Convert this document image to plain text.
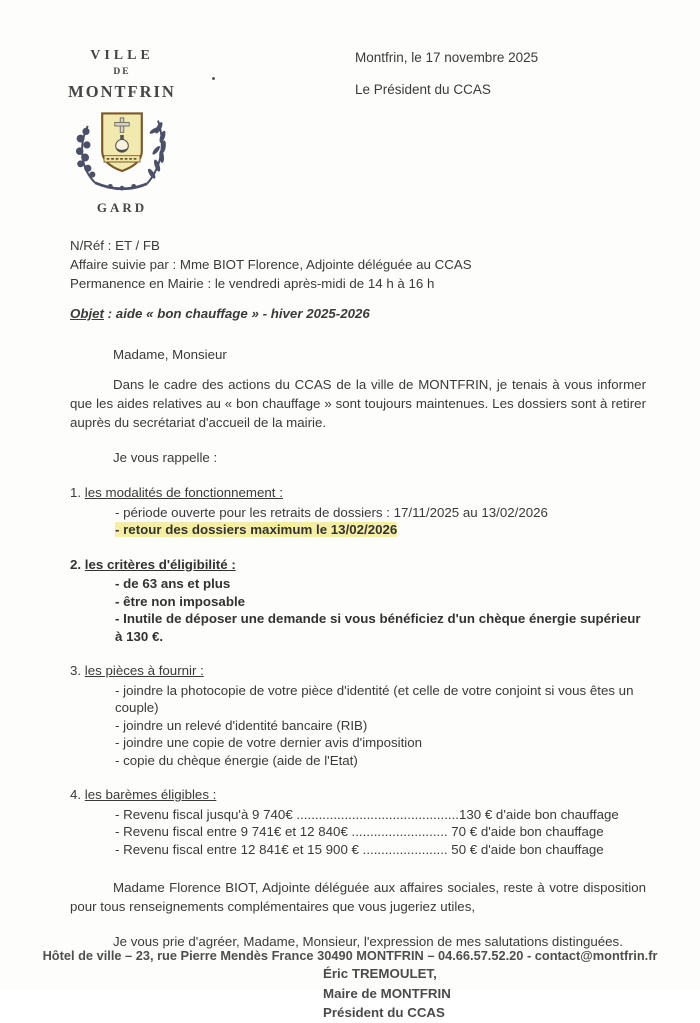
VILLE
DE
MONTFRIN
GARD
Montfrin, le 17 novembre 2025
Le Président du CCAS
N/Réf : ET / FB
Affaire suivie par : Mme BIOT Florence, Adjointe déléguée au CCAS
Permanence en Mairie : le vendredi après-midi de 14 h à 16 h
Objet : aide « bon chauffage » - hiver 2025-2026
Madame, Monsieur
Dans le cadre des actions du CCAS de la ville de MONTFRIN, je tenais à vous informer que les aides relatives au « bon chauffage » sont toujours maintenues. Les dossiers sont à retirer auprès du secrétariat d'accueil de la mairie.
Je vous rappelle :
1. les modalités de fonctionnement :
- période ouverte pour les retraits de dossiers : 17/11/2025 au 13/02/2026
- retour des dossiers maximum le 13/02/2026
2. les critères d'éligibilité :
- de 63 ans et plus
- être non imposable
- Inutile de déposer une demande si vous bénéficiez d'un chèque énergie supérieur à 130 €.
3. les pièces à fournir :
- joindre la photocopie de votre pièce d'identité (et celle de votre conjoint si vous êtes un couple)
- joindre un relevé d'identité bancaire (RIB)
- joindre une copie de votre dernier avis d'imposition
- copie du chèque énergie (aide de l'Etat)
4. les barèmes éligibles :
- Revenu fiscal jusqu'à 9 740€ ............................................130 € d'aide bon chauffage
- Revenu fiscal entre 9 741€ et 12 840€ .......................... 70 € d'aide bon chauffage
- Revenu fiscal entre 12 841€ et 15 900 € ....................... 50 € d'aide bon chauffage
Madame Florence BIOT, Adjointe déléguée aux affaires sociales, reste à votre disposition pour tous renseignements complémentaires que vous jugeriez utiles,
Je vous prie d'agréer, Madame, Monsieur, l'expression de mes salutations distinguées.
Éric TREMOULET,
Maire de MONTFRIN
Président du CCAS
Hôtel de ville – 23, rue Pierre Mendès France 30490 MONTFRIN – 04.66.57.52.20 - contact@montfrin.fr
